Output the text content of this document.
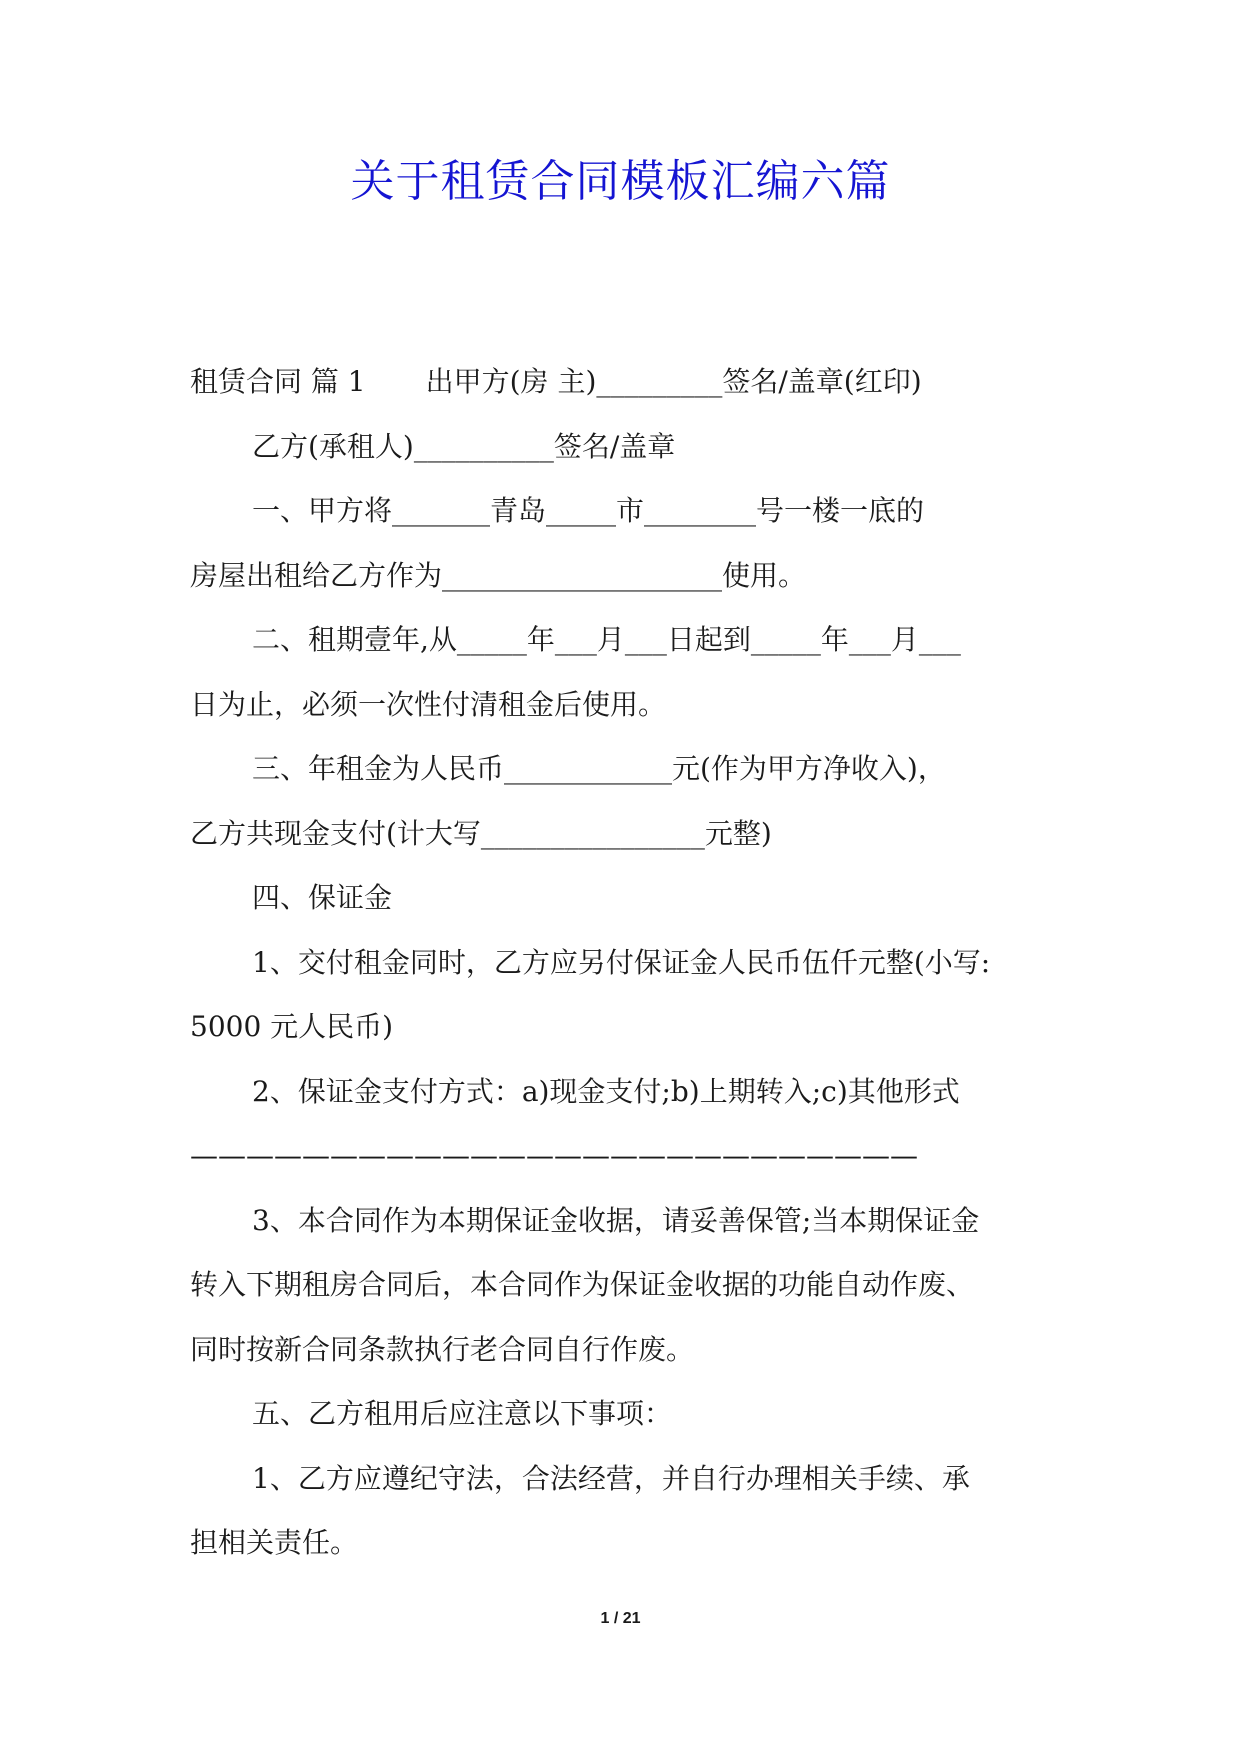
关于租赁合同模板汇编六篇
租赁合同 篇 1 出甲方(房 主)_________签名/盖章(红印)
乙方(承租人)__________签名/盖章
一、甲方将_______青岛_____市________号一楼一底的
房屋出租给乙方作为____________________使用。
二、租期壹年,从_____年___月___日起到_____年___月___
日为止，必须一次性付清租金后使用。
三、年租金为人民币____________元(作为甲方净收入)，
乙方共现金支付(计大写________________元整)
四、保证金
1、交付租金同时，乙方应另付保证金人民币伍仟元整(小写:
5000 元人民币)
2、保证金支付方式：a)现金支付;b)上期转入;c)其他形式
——————————————————————————
3、本合同作为本期保证金收据，请妥善保管;当本期保证金
转入下期租房合同后，本合同作为保证金收据的功能自动作废、
同时按新合同条款执行老合同自行作废。
五、乙方租用后应注意以下事项：
1、乙方应遵纪守法，合法经营，并自行办理相关手续、承
担相关责任。
1 / 21
